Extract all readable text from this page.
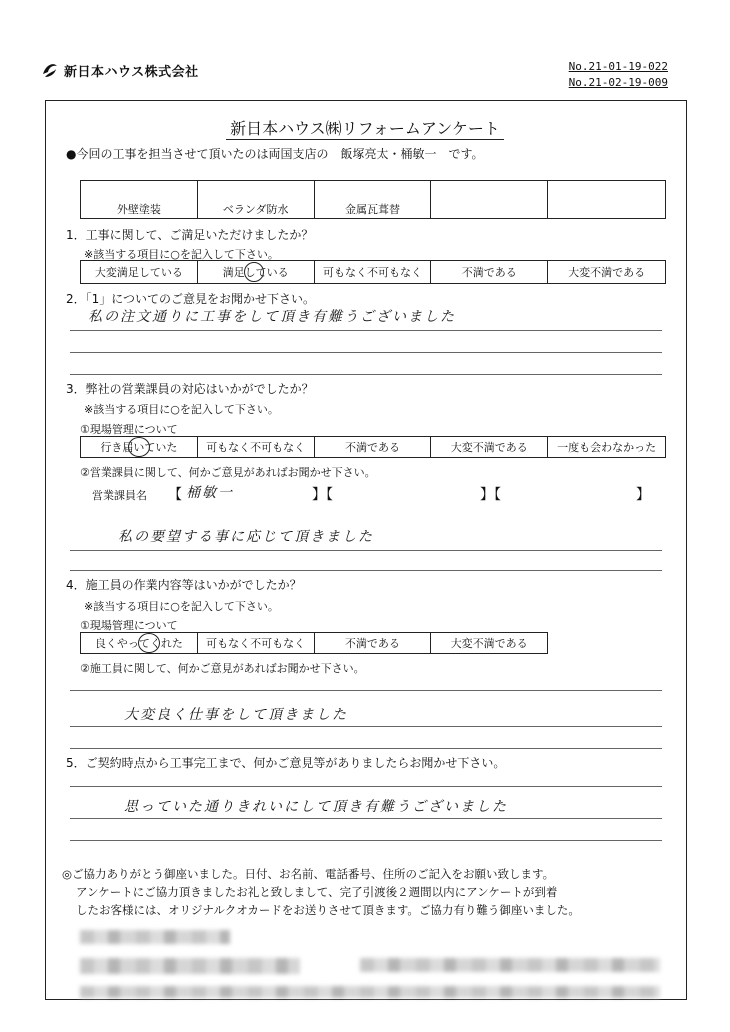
新日本ハウス株式会社	No.21-01-19-022
No.21-02-19-009
新日本ハウス㈱リフォームアンケート
●今回の工事を担当させて頂いたのは両国支店の　飯塚亮太・桶敏一　です。
外壁塗装	ベランダ防水	金属瓦葺替		
1．工事に関して、ご満足いただけましたか？
※該当する項目に○を記入して下さい。
大変満足している	満足している	可もなく不可もなく	不満である	大変不満である
2．「1」についてのご意見をお聞かせ下さい。
私の注文通りに工事をして頂き有難うございました
3．弊社の営業課員の対応はいかがでしたか？
※該当する項目に○を記入して下さい。
①現場管理について
行き届いていた	可もなく不可もなく	不満である	大変不満である	一度も会わなかった
②営業課員に関して、何かご意見があればお聞かせ下さい。
営業課員名 【 桶敏一	】【	】【	】
私の要望する事に応じて頂きました
4．施工員の作業内容等はいかがでしたか？
※該当する項目に○を記入して下さい。
①現場管理について
良くやってくれた	可もなく不可もなく	不満である	大変不満である
②施工員に関して、何かご意見があればお聞かせ下さい。
大変良く仕事をして頂きました
5．ご契約時点から工事完工まで、何かご意見等がありましたらお聞かせ下さい。
思っていた通りきれいにして頂き有難うございました
◎ご協力ありがとう御座いました。日付、お名前、電話番号、住所のご記入をお願い致します。
アンケートにご協力頂きましたお礼と致しまして、完了引渡後２週間以内にアンケートが到着
したお客様には、オリジナルクオカードをお送りさせて頂きます。ご協力有り難う御座いました。
